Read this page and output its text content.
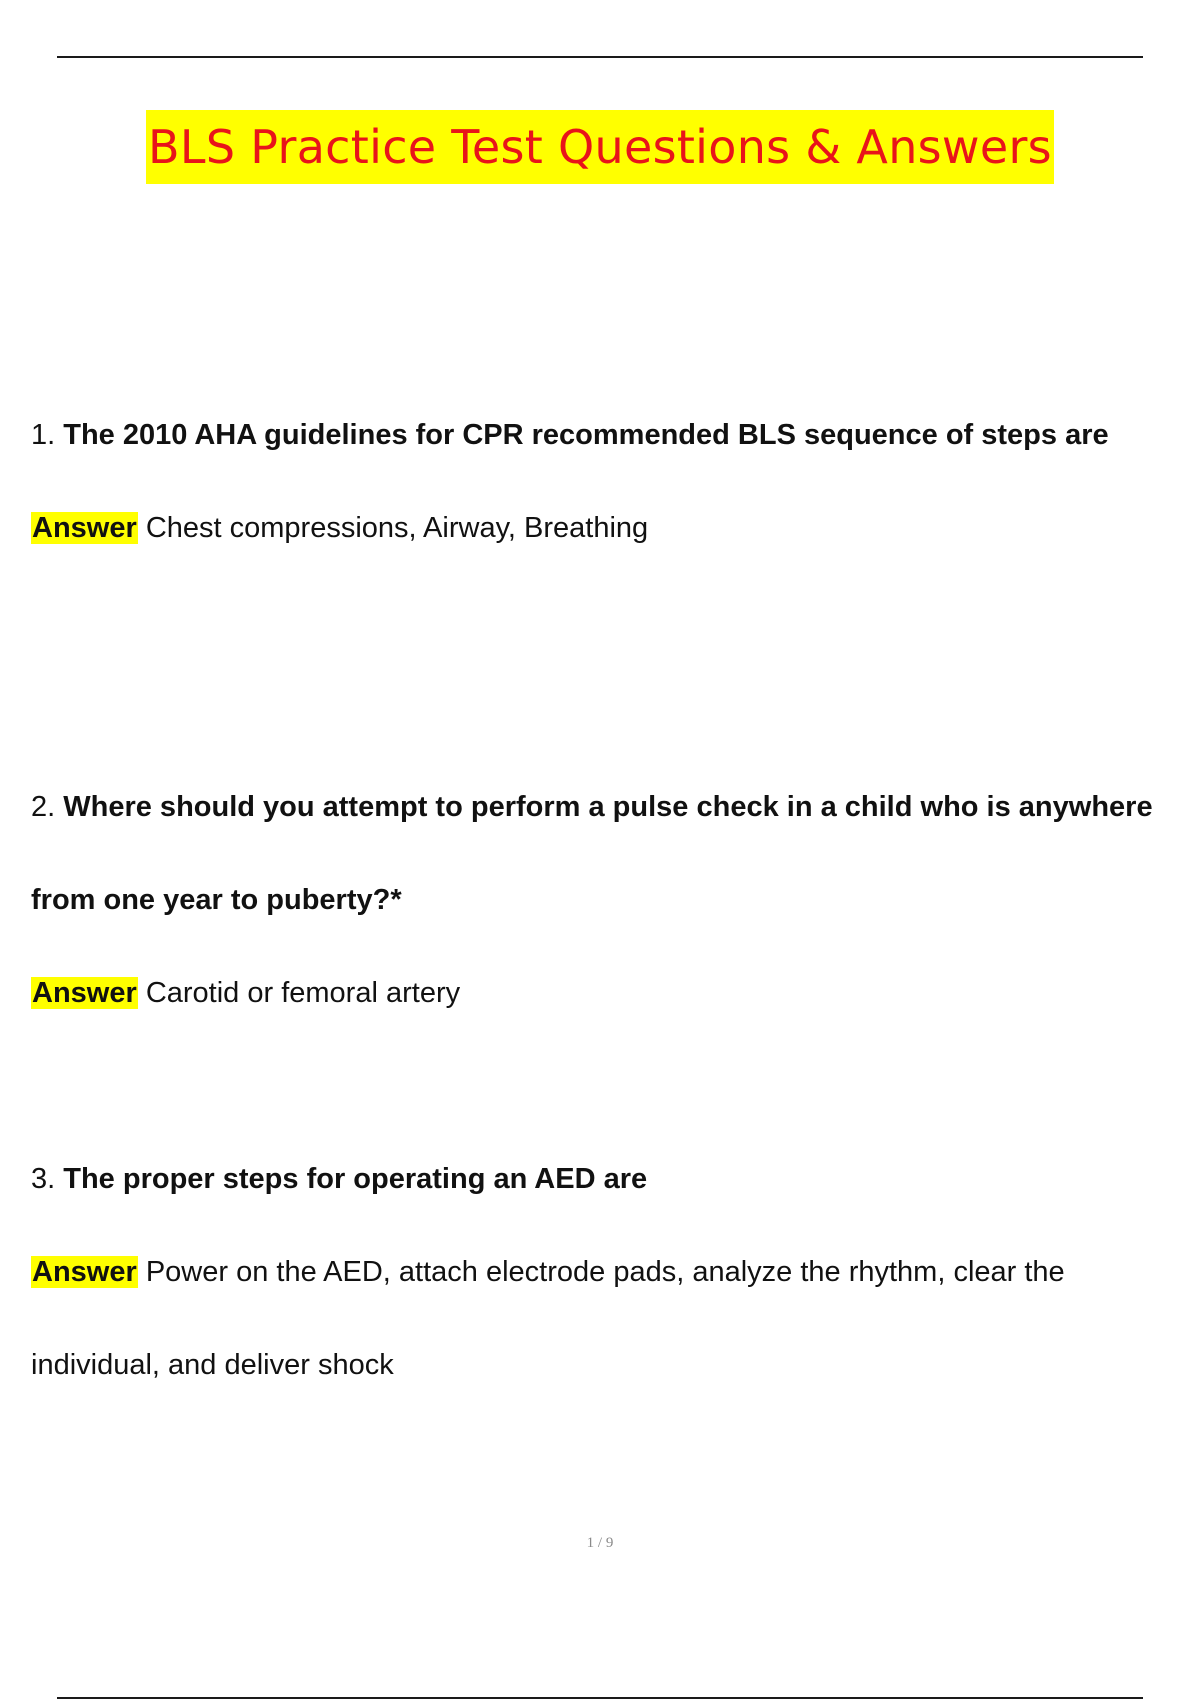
BLS Practice Test Questions & Answers

1. The 2010 AHA guidelines for CPR recommended BLS sequence of steps are

Answer Chest compressions, Airway, Breathing

2. Where should you attempt to perform a pulse check in a child who is anywhere from one year to puberty?*

Answer Carotid or femoral artery

3. The proper steps for operating an AED are

Answer Power on the AED, attach electrode pads, analyze the rhythm, clear the individual, and deliver shock

1 / 9
